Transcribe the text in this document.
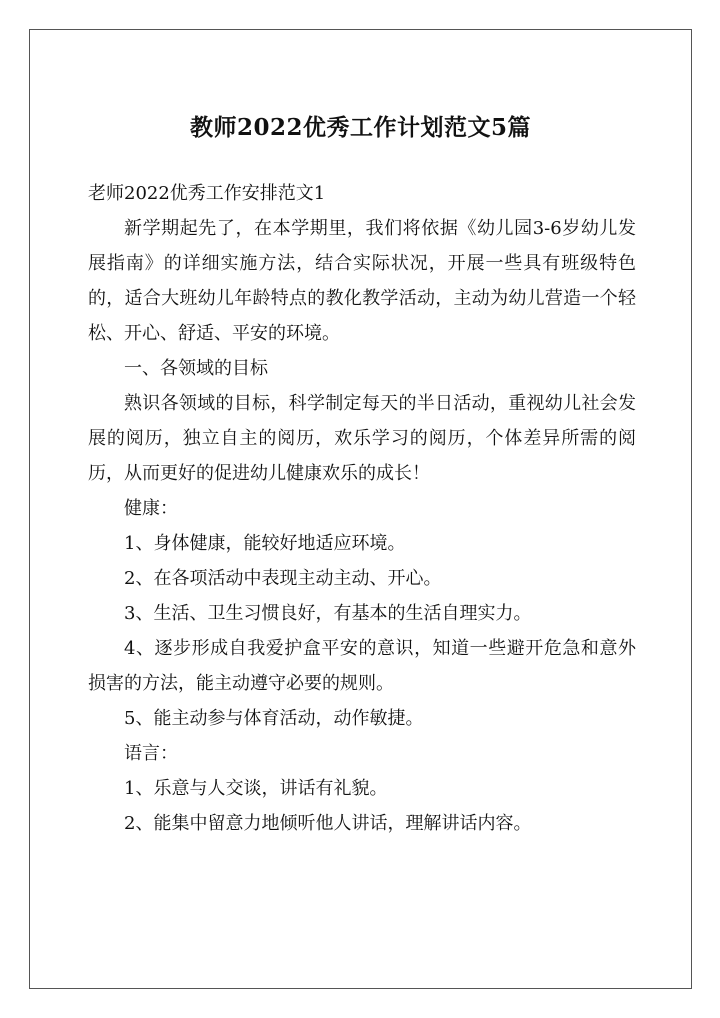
教师2022优秀工作计划范文5篇

老师2022优秀工作安排范文1

新学期起先了，在本学期里，我们将依据《幼儿园3-6岁幼儿发展指南》的详细实施方法，结合实际状况，开展一些具有班级特色的，适合大班幼儿年龄特点的教化教学活动，主动为幼儿营造一个轻松、开心、舒适、平安的环境。

一、各领域的目标

熟识各领域的目标，科学制定每天的半日活动，重视幼儿社会发展的阅历，独立自主的阅历，欢乐学习的阅历，个体差异所需的阅历，从而更好的促进幼儿健康欢乐的成长！

健康：

1、身体健康，能较好地适应环境。

2、在各项活动中表现主动主动、开心。

3、生活、卫生习惯良好，有基本的生活自理实力。

4、逐步形成自我爱护盒平安的意识，知道一些避开危急和意外损害的方法，能主动遵守必要的规则。

5、能主动参与体育活动，动作敏捷。

语言：

1、乐意与人交谈，讲话有礼貌。

2、能集中留意力地倾听他人讲话，理解讲话内容。
